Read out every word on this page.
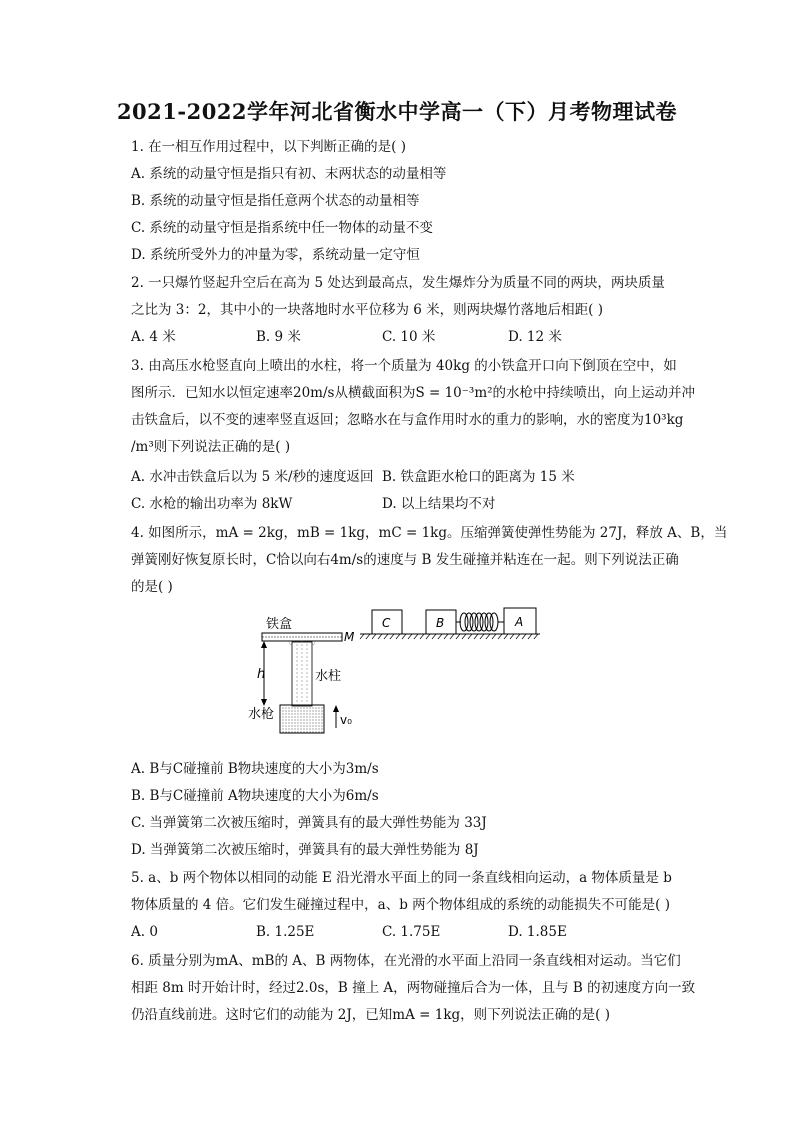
2021-2022学年河北省衡水中学高一（下）月考物理试卷
1. 在一相互作用过程中，以下判断正确的是( )
A. 系统的动量守恒是指只有初、末两状态的动量相等
B. 系统的动量守恒是指任意两个状态的动量相等
C. 系统的动量守恒是指系统中任一物体的动量不变
D. 系统所受外力的冲量为零，系统动量一定守恒
2. 一只爆竹竖起升空后在高为 5 处达到最高点，发生爆炸分为质量不同的两块，两块质量
之比为 3：2，其中小的一块落地时水平位移为 6 米，则两块爆竹落地后相距( )
A. 4 米	B. 9 米	C. 10 米	D. 12 米
3. 由高压水枪竖直向上喷出的水柱，将一个质量为 40kg 的小铁盒开口向下倒顶在空中，如
图所示．已知水以恒定速率20m/s从横截面积为S = 10⁻³m²的水枪中持续喷出，向上运动并冲
击铁盒后，以不变的速率竖直返回；忽略水在与盒作用时水的重力的影响，水的密度为10³kg
/m³则下列说法正确的是( )
A. 水冲击铁盒后以为 5 米/秒的速度返回 B. 铁盒距水枪口的距离为 15 米
C. 水枪的输出功率为 8kW	D. 以上结果均不对
4. 如图所示，mA = 2kg，mB = 1kg，mC = 1kg。压缩弹簧使弹性势能为 27J，释放 A、B，当
弹簧刚好恢复原长时，C恰以向右4m/s的速度与 B 发生碰撞并粘连在一起。则下列说法正确
的是( )
铁盒
M
h	水柱
水枪	v₀
C	B	A
A. B与C碰撞前 B物块速度的大小为3m/s
B. B与C碰撞前 A物块速度的大小为6m/s
C. 当弹簧第二次被压缩时，弹簧具有的最大弹性势能为 33J
D. 当弹簧第二次被压缩时，弹簧具有的最大弹性势能为 8J
5. a、b 两个物体以相同的动能 E 沿光滑水平面上的同一条直线相向运动，a 物体质量是 b
物体质量的 4 倍。它们发生碰撞过程中，a、b 两个物体组成的系统的动能损失不可能是( )
A. 0	B. 1.25E	C. 1.75E	D. 1.85E
6. 质量分别为mA、mB的 A、B 两物体，在光滑的水平面上沿同一条直线相对运动。当它们
相距 8m 时开始计时，经过2.0s，B 撞上 A，两物碰撞后合为一体，且与 B 的初速度方向一致
仍沿直线前进。这时它们的动能为 2J，已知mA = 1kg，则下列说法正确的是( )
